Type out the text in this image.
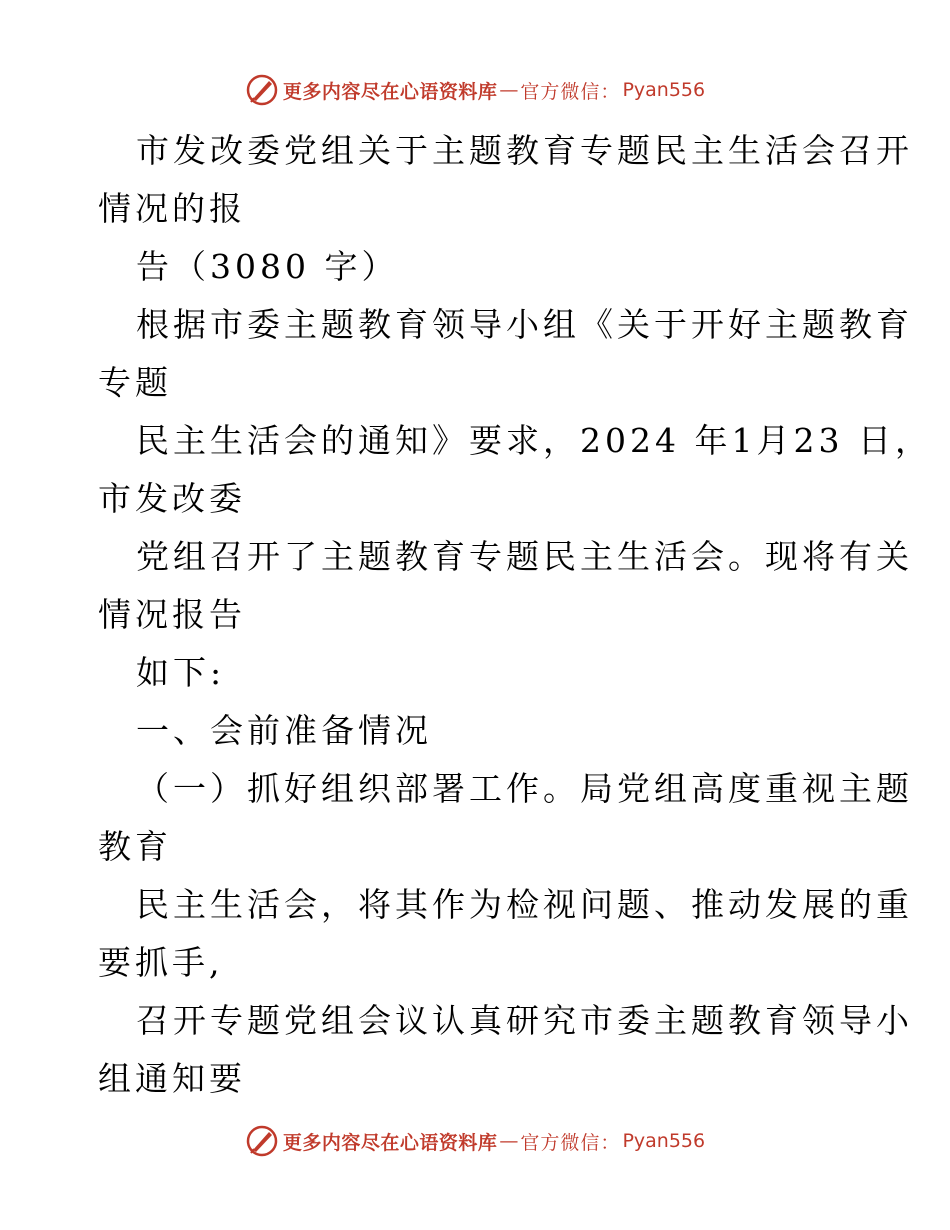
更多内容尽在心语资料库 — 官方微信： Pyan556
市发改委党组关于主题教育专题民主生活会召开
情况的报
告（3080 字）
根据市委主题教育领导小组《关于开好主题教育
专题
民主生活会的通知》要求，2024 年1月23 日，
市发改委
党组召开了主题教育专题民主生活会。现将有关
情况报告
如下:
一、会前准备情况
（一）抓好组织部署工作。局党组高度重视主题
教育
民主生活会，将其作为检视问题、推动发展的重
要抓手,
召开专题党组会议认真研究市委主题教育领导小
组通知要
更多内容尽在心语资料库 — 官方微信： Pyan556
